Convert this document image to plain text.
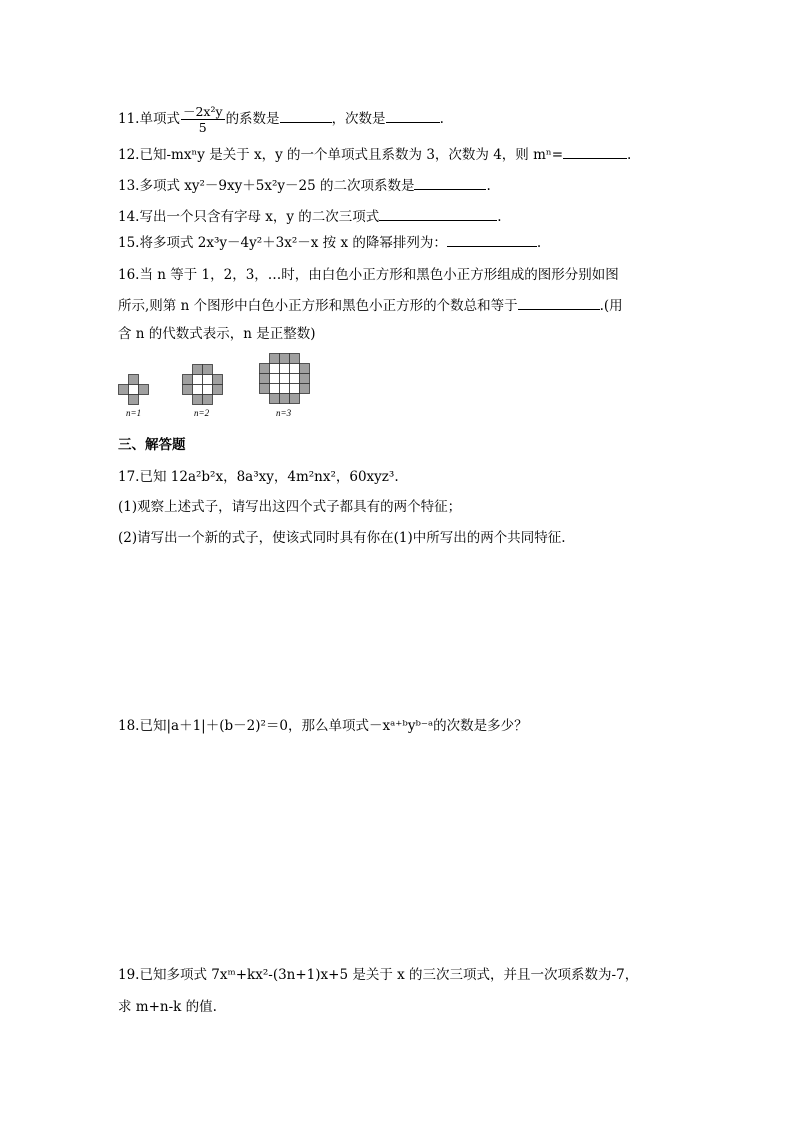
11.单项式 $\frac{\text{－2x²y}}{5}$ 的系数是	，次数是	.
12.已知-mxⁿy 是关于 x，y 的一个单项式且系数为 3，次数为 4，则 mⁿ=	.
13.多项式 xy²－9xy＋5x²y－25 的二次项系数是	.
14.写出一个只含有字母 x，y 的二次三项式	.
15.将多项式 2x³y－4y²＋3x²－x 按 x 的降幂排列为：	.
16.当 n 等于 1，2，3，…时，由白色小正方形和黑色小正方形组成的图形分别如图
所示,则第 n 个图形中白色小正方形和黑色小正方形的个数总和等于	.(用
含 n 的代数式表示，n 是正整数)
n=1	n=2	n=3
三、解答题
17.已知 12a²b²x，8a³xy，4m²nx²，60xyz³.
(1)观察上述式子，请写出这四个式子都具有的两个特征；
(2)请写出一个新的式子，使该式同时具有你在(1)中所写出的两个共同特征.
18.已知|a＋1|＋(b－2)²＝0，那么单项式－xᵃ⁺ᵇyᵇ⁻ᵃ的次数是多少？
19.已知多项式 7xᵐ+kx²-(3n+1)x+5 是关于 x 的三次三项式，并且一次项系数为-7，
求 m+n-k 的值.
